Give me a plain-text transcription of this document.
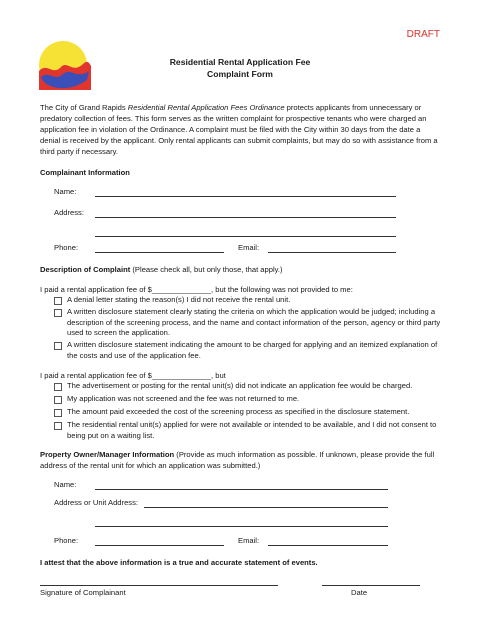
DRAFT
Residential Rental Application Fee
Complaint Form
The City of Grand Rapids Residential Rental Application Fees Ordinance protects applicants from unnecessary or predatory collection of fees. This form serves as the written complaint for prospective tenants who were charged an application fee in violation of the Ordinance. A complaint must be filed with the City within 30 days from the date a denial is received by the applicant. Only rental applicants can submit complaints, but may do so with assistance from a third party if necessary.
Complainant Information
Name:
Address:
Phone:	Email:
Description of Complaint (Please check all, but only those, that apply.)
I paid a rental application fee of $______________, but the following was not provided to me:
A denial letter stating the reason(s) I did not receive the rental unit.
A written disclosure statement clearly stating the criteria on which the application would be judged; including a description of the screening process, and the name and contact information of the person, agency or third party used to screen the application.
A written disclosure statement indicating the amount to be charged for applying and an itemized explanation of the costs and use of the application fee.
I paid a rental application fee of $______________, but
The advertisement or posting for the rental unit(s) did not indicate an application fee would be charged.
My application was not screened and the fee was not returned to me.
The amount paid exceeded the cost of the screening process as specified in the disclosure statement.
The residential rental unit(s) applied for were not available or intended to be available, and I did not consent to being put on a waiting list.
Property Owner/Manager Information (Provide as much information as possible. If unknown, please provide the full address of the rental unit for which an application was submitted.)
Name:
Address or Unit Address:
Phone:	Email:
I attest that the above information is a true and accurate statement of events.
Signature of Complainant	Date
